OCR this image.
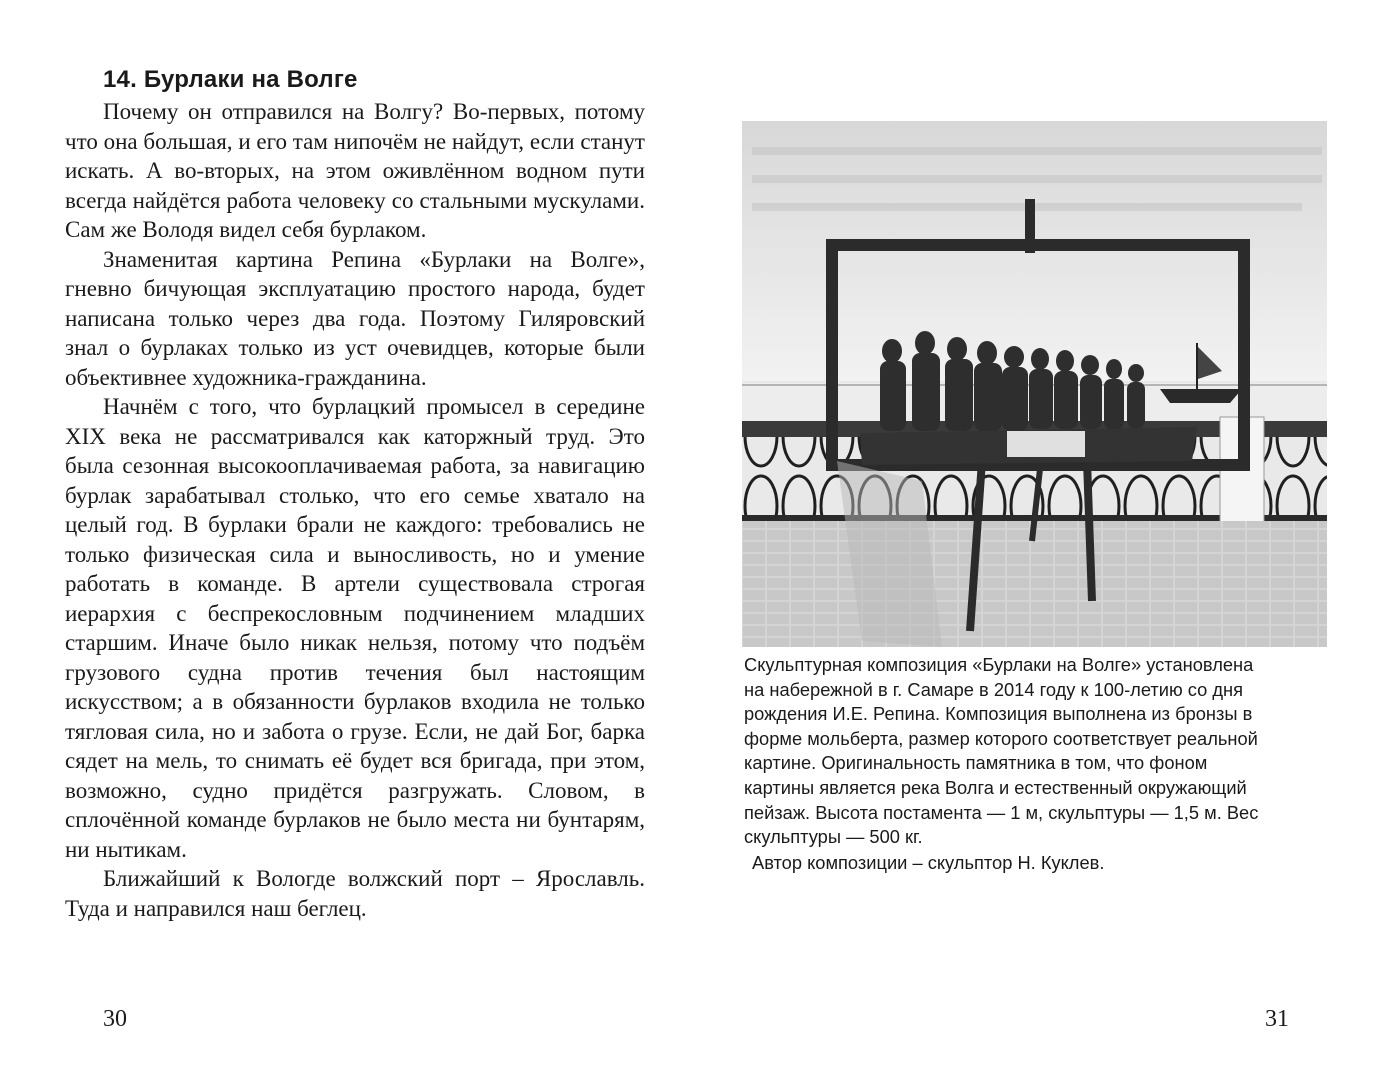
14. Бурлаки на Волге

Почему он отправился на Волгу? Во-первых, потому что она большая, и его там нипочём не найдут, если станут искать. А во-вторых, на этом оживлённом водном пути всегда найдётся работа человеку со стальными мускулами. Сам же Володя видел себя бурлаком.

Знаменитая картина Репина «Бурлаки на Волге», гневно бичующая эксплуатацию простого народа, будет написана только через два года. Поэтому Гиляровский знал о бурлаках только из уст очевидцев, которые были объективнее художника-гражданина.

Начнём с того, что бурлацкий промысел в середине XIX века не рассматривался как каторжный труд. Это была сезонная высокооплачиваемая работа, за навигацию бурлак зарабатывал столько, что его семье хватало на целый год. В бурлаки брали не каждого: требовались не только физическая сила и выносливость, но и умение работать в команде. В артели существовала строгая иерархия с беспрекословным подчинением младших старшим. Иначе было никак нельзя, потому что подъём грузового судна против течения был настоящим искусством; а в обязанности бурлаков входила не только тягловая сила, но и забота о грузе. Если, не дай Бог, барка сядет на мель, то снимать её будет вся бригада, при этом, возможно, судно придётся разгружать. Словом, в сплочённой команде бурлаков не было места ни бунтарям, ни нытикам.

Ближайший к Вологде волжский порт – Ярославль. Туда и направился наш беглец.

30
Скульптурная композиция «Бурлаки на Волге» установлена
на набережной в г. Самаре в 2014 году к 100-летию со дня
рождения И.Е. Репина. Композиция выполнена из бронзы в
форме мольберта, размер которого соответствует реальной
картине. Оригинальность памятника в том, что фоном
картины является река Волга и естественный окружающий
пейзаж. Высота постамента — 1 м, скульптуры — 1,5 м. Вес
скульптуры — 500 кг.
Автор композиции – скульптор Н. Куклев.
31
